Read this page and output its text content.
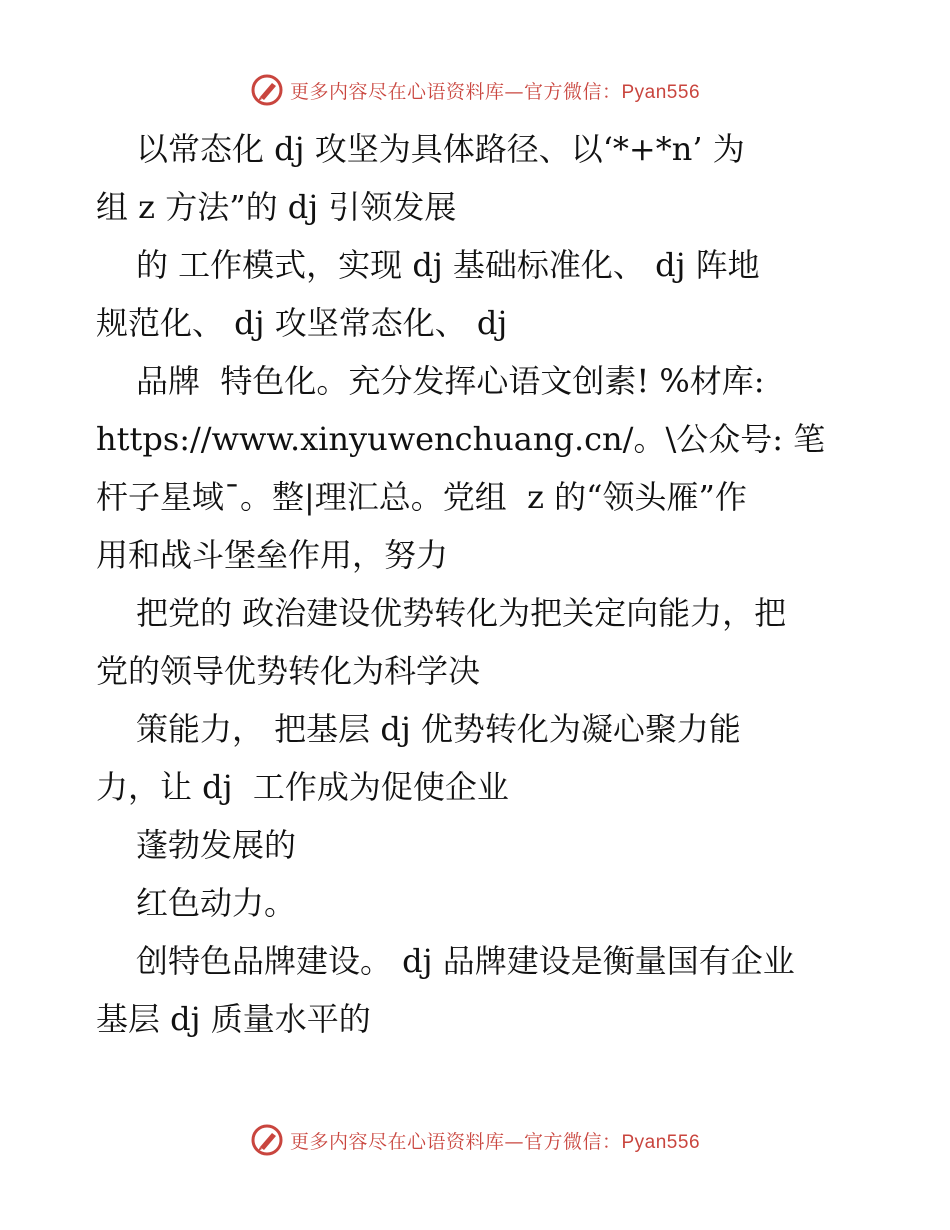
更多内容尽在心语资料库—官方微信：Pyan556
以常态化 dj 攻坚为具体路径、以‘*+*n’ 为
组 z 方法”的 dj 引领发展
的 工作模式，实现 dj 基础标准化、 dj 阵地
规范化、 dj 攻坚常态化、 dj
品牌  特色化。充分发挥心语文创素! %材库:
https://www.xinyuwenchuang.cn/。\公众号: 笔
杆子星域¯。整|理汇总。党组  z 的“领头雁”作
用和战斗堡垒作用，努力
把党的 政治建设优势转化为把关定向能力，把
党的领导优势转化为科学决
策能力， 把基层 dj 优势转化为凝心聚力能
力，让 dj  工作成为促使企业
蓬勃发展的
红色动力。
创特色品牌建设。 dj 品牌建设是衡量国有企业
基层 dj 质量水平的
更多内容尽在心语资料库—官方微信：Pyan556
